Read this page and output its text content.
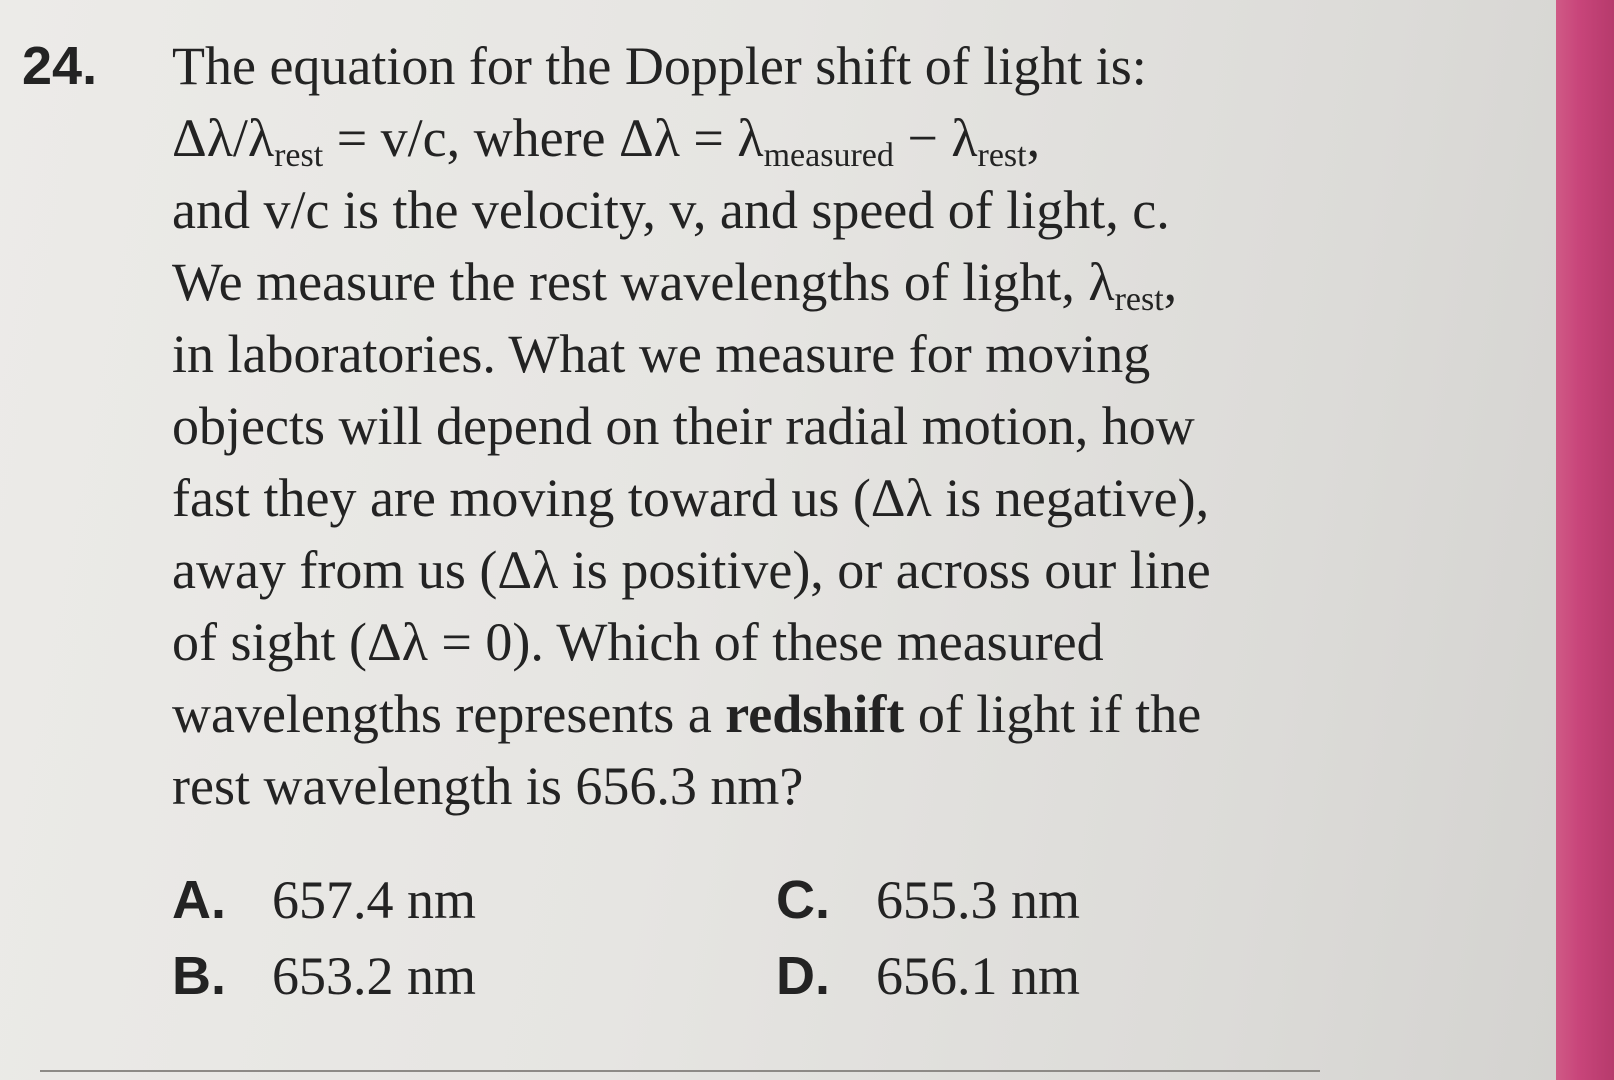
24. The equation for the Doppler shift of light is:
$\Delta\lambda/\lambda_{rest} = v/c$, where $\Delta\lambda = \lambda_{measured} - \lambda_{rest}$,
and v/c is the velocity, v, and speed of light, c.
We measure the rest wavelengths of light, $\lambda_{rest}$,
in laboratories. What we measure for moving
objects will depend on their radial motion, how
fast they are moving toward us (Δλ is negative),
away from us (Δλ is positive), or across our line
of sight (Δλ = 0). Which of these measured
wavelengths represents a redshift of light if the
rest wavelength is 656.3 nm?
A. 657.4 nm
B. 653.2 nm
C. 655.3 nm
D. 656.1 nm
